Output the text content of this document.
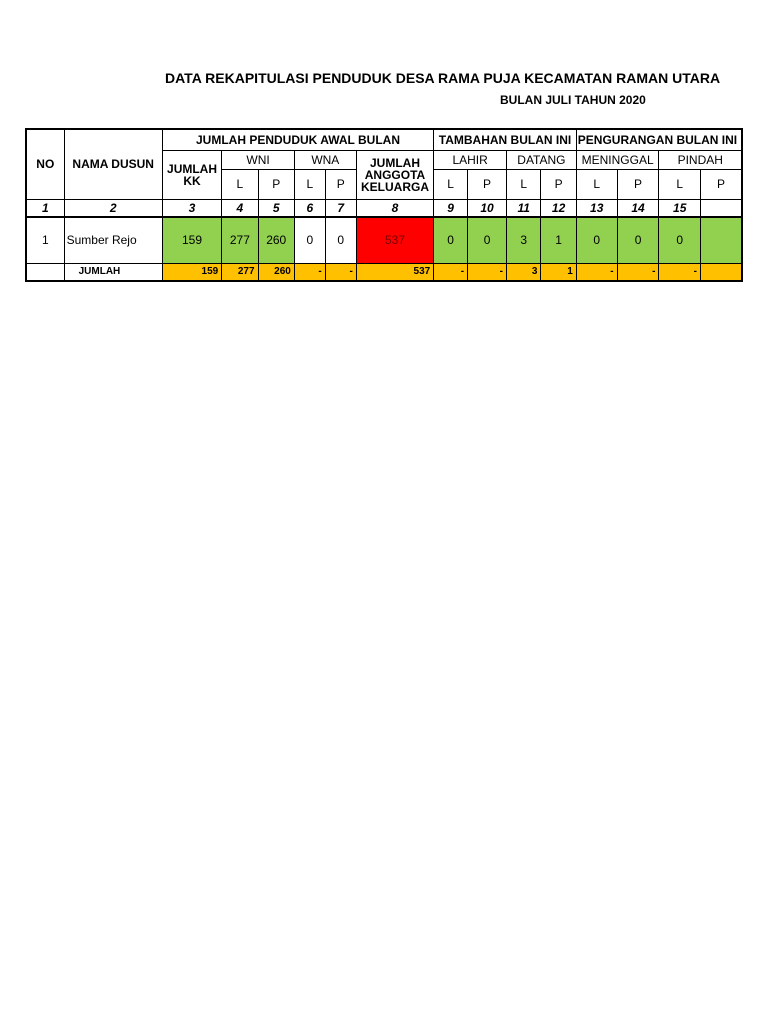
DATA REKAPITULASI PENDUDUK DESA RAMA PUJA KECAMATAN RAMAN UTARA
BULAN JULI TAHUN 2020
NO	NAMA DUSUN	JUMLAH PENDUDUK AWAL BULAN						TAMBAHAN BULAN INI				PENGURANGAN BULAN INI			
		JUMLAH KK	WNI		WNA		JUMLAH ANGGOTA KELUARGA	LAHIR		DATANG		MENINGGAL		PINDAH	
			L	P	L	P		L	P	L	P	L	P	L	P
1	2	3	4	5	6	7	8	9	10	11	12	13	14	15	
1	Sumber Rejo	159	277	260	0	0	537	0	0	3	1	0	0	0	
	JUMLAH	159	277	260	-	-	537	-	-	3	1	-	-	-	
